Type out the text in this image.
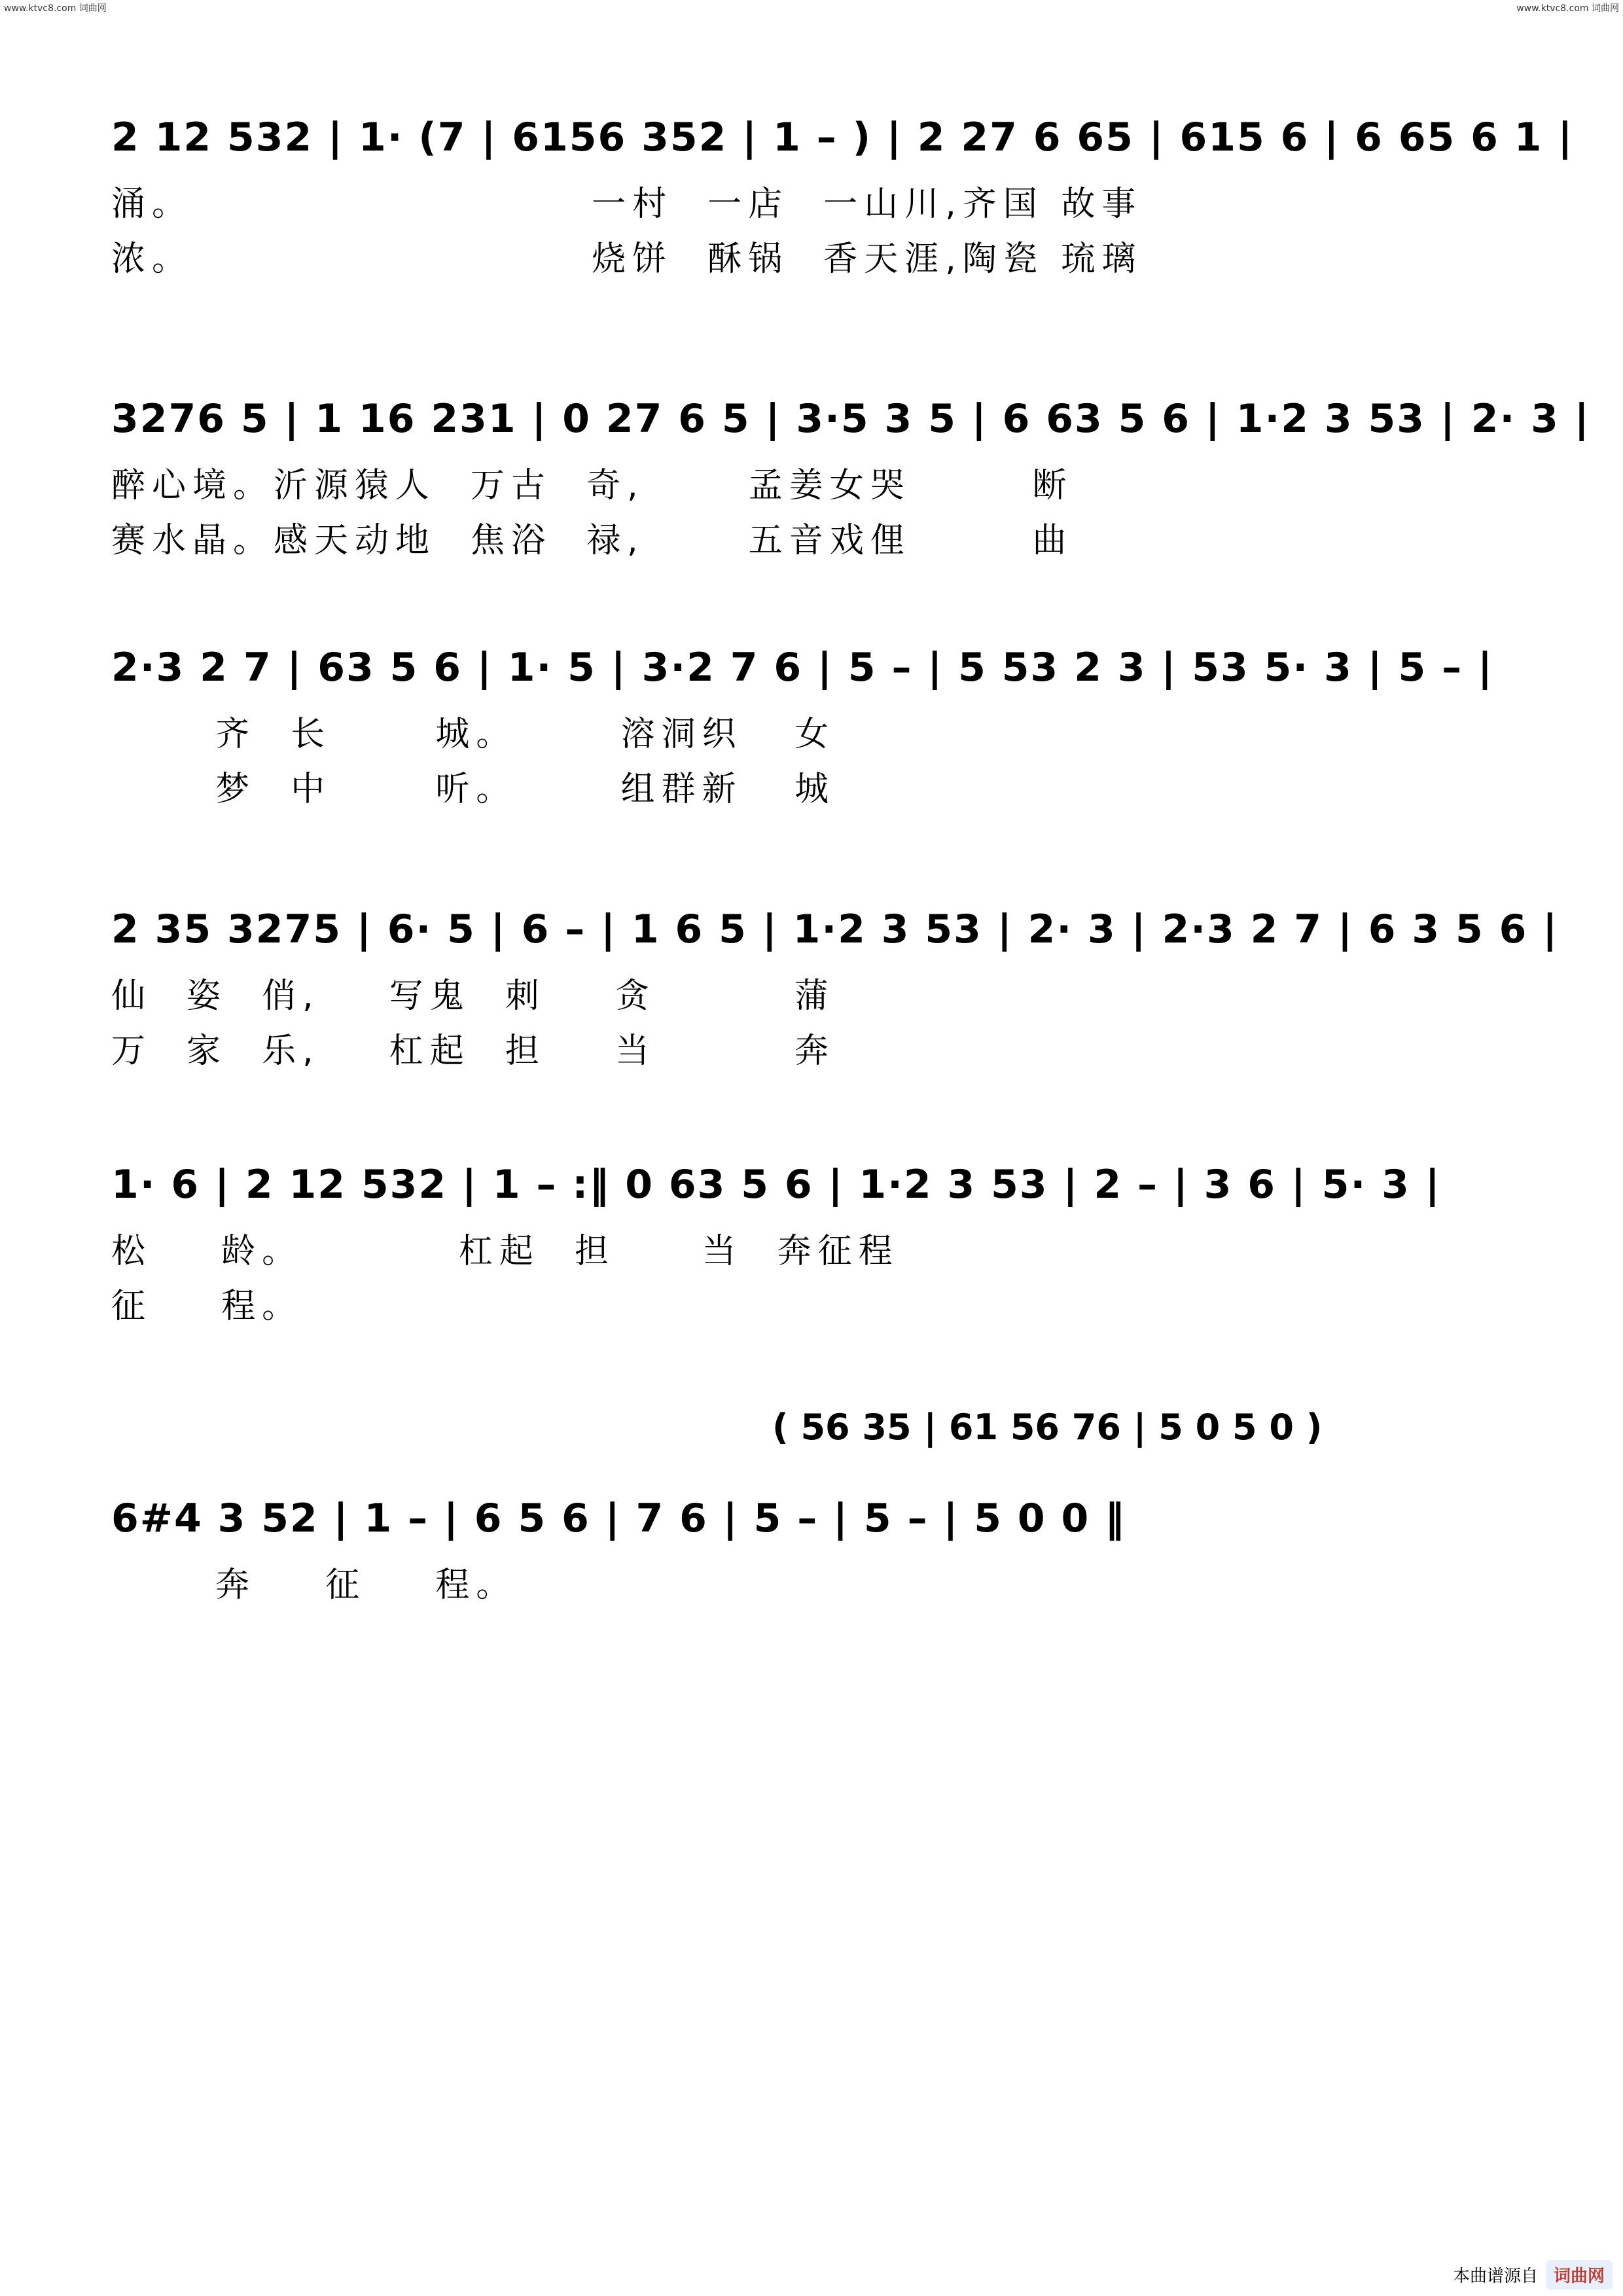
www.ktvc8.com 词曲网	www.ktvc8.com 词曲网
2 12 532 | 1· (7 | 6156 352 | 1 – ) | 2 27 6 65 | 615 6 | 6 65 6 1 |
涌。                       一村  一店  一山川,齐国 故事
浓。                       烧饼  酥锅  香天涯,陶瓷 琉璃
3276 5 | 1 16 231 | 0 27 6 5 | 3·5 3 5 | 6 63 5 6 | 1·2 3 53 | 2· 3 |
醉心境。沂源猿人  万古  奇,      孟姜女哭       断
赛水晶。感天动地  焦浴  禄,      五音戏俚       曲
2·3 2 7 | 63 5 6 | 1· 5 | 3·2 7 6 | 5 – | 5 53 2 3 | 53 5· 3 | 5 – |
齐  长      城。      溶洞织   女
梦  中      听。      组群新   城
2 35 3275 | 6· 5 | 6 – | 1 6 5 | 1·2 3 53 | 2· 3 | 2·3 2 7 | 6 3 5 6 |
仙  姿  俏,    写鬼  刺    贪        蒲
万  家  乐,    杠起  担    当        奔
1· 6 | 2 12 532 | 1 – :‖ 0 63 5 6 | 1·2 3 53 | 2 – | 3 6 | 5· 3 |
松    龄。         杠起  担     当  奔征程
征    程。
( 56 35 | 61 56 76 | 5 0 5 0 )
6#4 3 52 | 1 – | 6 5 6 | 7 6 | 5 – | 5 – | 5 0 0 ‖
奔    征    程。
本曲谱源自 词曲网
